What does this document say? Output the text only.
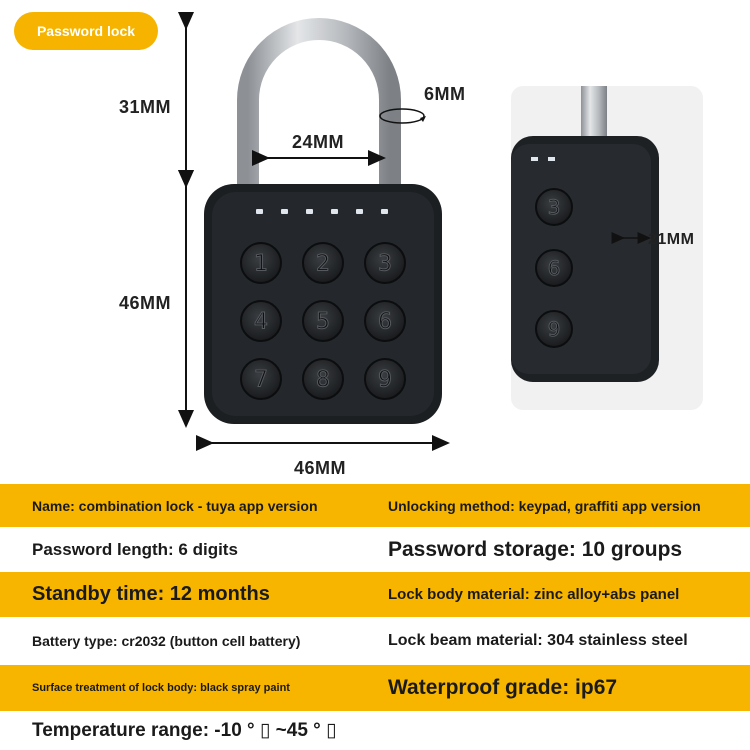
Password lock
1 2 3
4 5 6
7 8 9
31MM
6MM
24MM
46MM
46MM
3
6
9
21MM
Name: combination lock - tuya app version	Unlocking method: keypad, graffiti app version
Password length: 6 digits	Password storage: 10 groups
Standby time: 12 months	Lock body material: zinc alloy+abs panel
Battery type: cr2032 (button cell battery)	Lock beam material: 304 stainless steel
Surface treatment of lock body: black spray paint	Waterproof grade: ip67
Temperature range: -10 ° ▯ ~45 ° ▯
